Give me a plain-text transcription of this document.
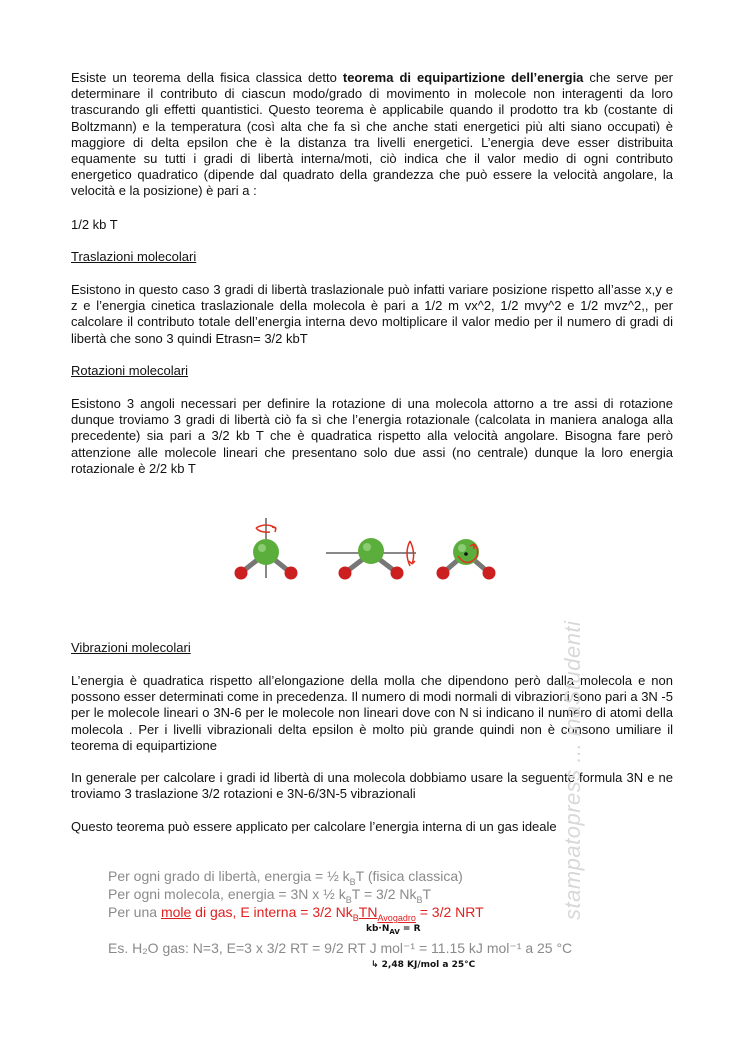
Esiste un teorema della fisica classica detto teorema di equipartizione dell’energia che serve per determinare il contributo di ciascun modo/grado di movimento in molecole non interagenti da loro trascurando gli effetti quantistici. Questo teorema è applicabile quando il prodotto tra kb (costante di Boltzmann) e la temperatura (così alta che fa sì che anche stati energetici più alti siano occupati) è maggiore di delta epsilon che è la distanza tra livelli energetici. L’energia deve esser distribuita equamente su tutti i gradi di libertà interna/moti, ciò indica che il valor medio di ogni contributo energetico quadratico (dipende dal quadrato della grandezza che può essere la velocità angolare, la velocità e la posizione) è pari a :

1/2 kb T
Traslazioni molecolari

Esistono in questo caso 3 gradi di libertà traslazionale può infatti variare posizione rispetto all’asse x,y e z e l’energia cinetica traslazionale della molecola è pari a 1/2 m vx^2, 1/2 mvy^2 e 1/2 mvz^2,, per calcolare il contributo totale dell’energia interna devo moltiplicare il valor medio per il numero di gradi di libertà che sono 3 quindi Etrasn= 3/2 kbT

Rotazioni molecolari

Esistono 3 angoli necessari per definire la rotazione di una molecola attorno a tre assi di rotazione dunque troviamo 3 gradi di libertà ciò fa sì che l’energia rotazionale (calcolata in maniera analoga alla precedente) sia pari a 3/2 kb T che è quadratica rispetto alla velocità angolare. Bisogna fare però attenzione alle molecole lineari che presentano solo due assi (no centrale) dunque la loro energia rotazionale è 2/2 kb T

Vibrazioni molecolari

L’energia è quadratica rispetto all’elongazione della molla che dipendono però dalla molecola e non possono esser determinati come in precedenza. Il numero di modi normali di vibrazioni sono pari a 3N -5 per le molecole lineari o 3N-6 per le molecole non lineari dove con N si indicano il numero di atomi della molecola . Per i livelli vibrazionali delta epsilon è molto più grande quindi non è consono umiliare il teorema di equipartizione

In generale per calcolare i gradi id libertà di una molecola dobbiamo usare la seguente formula 3N e ne troviamo 3 traslazione 3/2 rotazioni e 3N-6/3N-5 vibrazionali

Questo teorema può essere applicato per calcolare l’energia interna di un gas ideale

Per ogni grado di libertà, energia = ½ $k_BT$ (fisica classica)
Per ogni molecola, energia = 3N x ½ $k_BT = 3/2$ $Nk_BT$
Per una mole di gas, E interna = 3/2 $Nk_BTN_{Avogadro} = 3/2$ NRT
$kb\cdot N_{AV} = R$
Es. H₂O gas: N=3, E=3 x 3/2 RT = 9/2 RT J mol⁻¹ = 11.15 kJ mol⁻¹ a 25 °C
↳ 2,48 KJ/mol a 25°C
stampatopress ... inaStudenti
